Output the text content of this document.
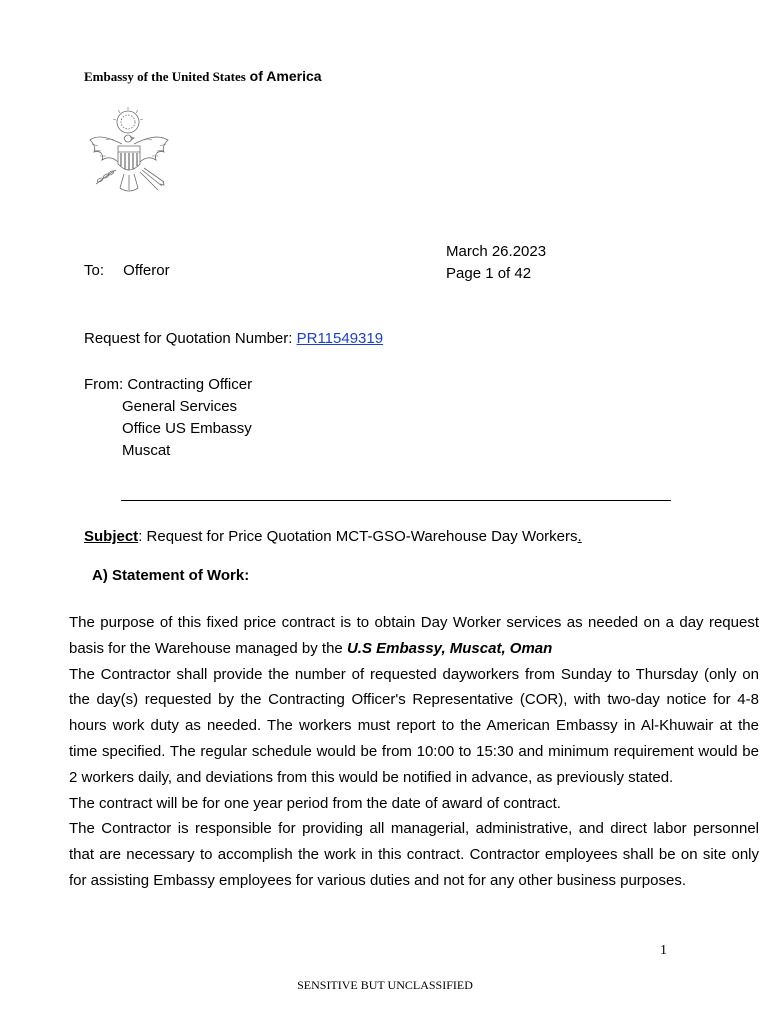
Embassy of the United States of America
To: Offeror
March 26.2023
Page 1 of 42
Request for Quotation Number: PR11549319
From: Contracting Officer
General Services
Office US Embassy
Muscat
Subject: Request for Price Quotation MCT-GSO-Warehouse Day Workers.
A) Statement of Work:

The purpose of this fixed price contract is to obtain Day Worker services as needed on a day request basis for the Warehouse managed by the U.S Embassy, Muscat, Oman

The Contractor shall provide the number of requested dayworkers from Sunday to Thursday (only on the day(s) requested by the Contracting Officer's Representative (COR), with two-day notice for 4-8 hours work duty as needed. The workers must report to the American Embassy in Al-Khuwair at the time specified. The regular schedule would be from 10:00 to 15:30 and minimum requirement would be 2 workers daily, and deviations from this would be notified in advance, as previously stated.

The contract will be for one year period from the date of award of contract.

The Contractor is responsible for providing all managerial, administrative, and direct labor personnel that are necessary to accomplish the work in this contract. Contractor employees shall be on site only for assisting Embassy employees for various duties and not for any other business purposes.

1
SENSITIVE BUT UNCLASSIFIED
